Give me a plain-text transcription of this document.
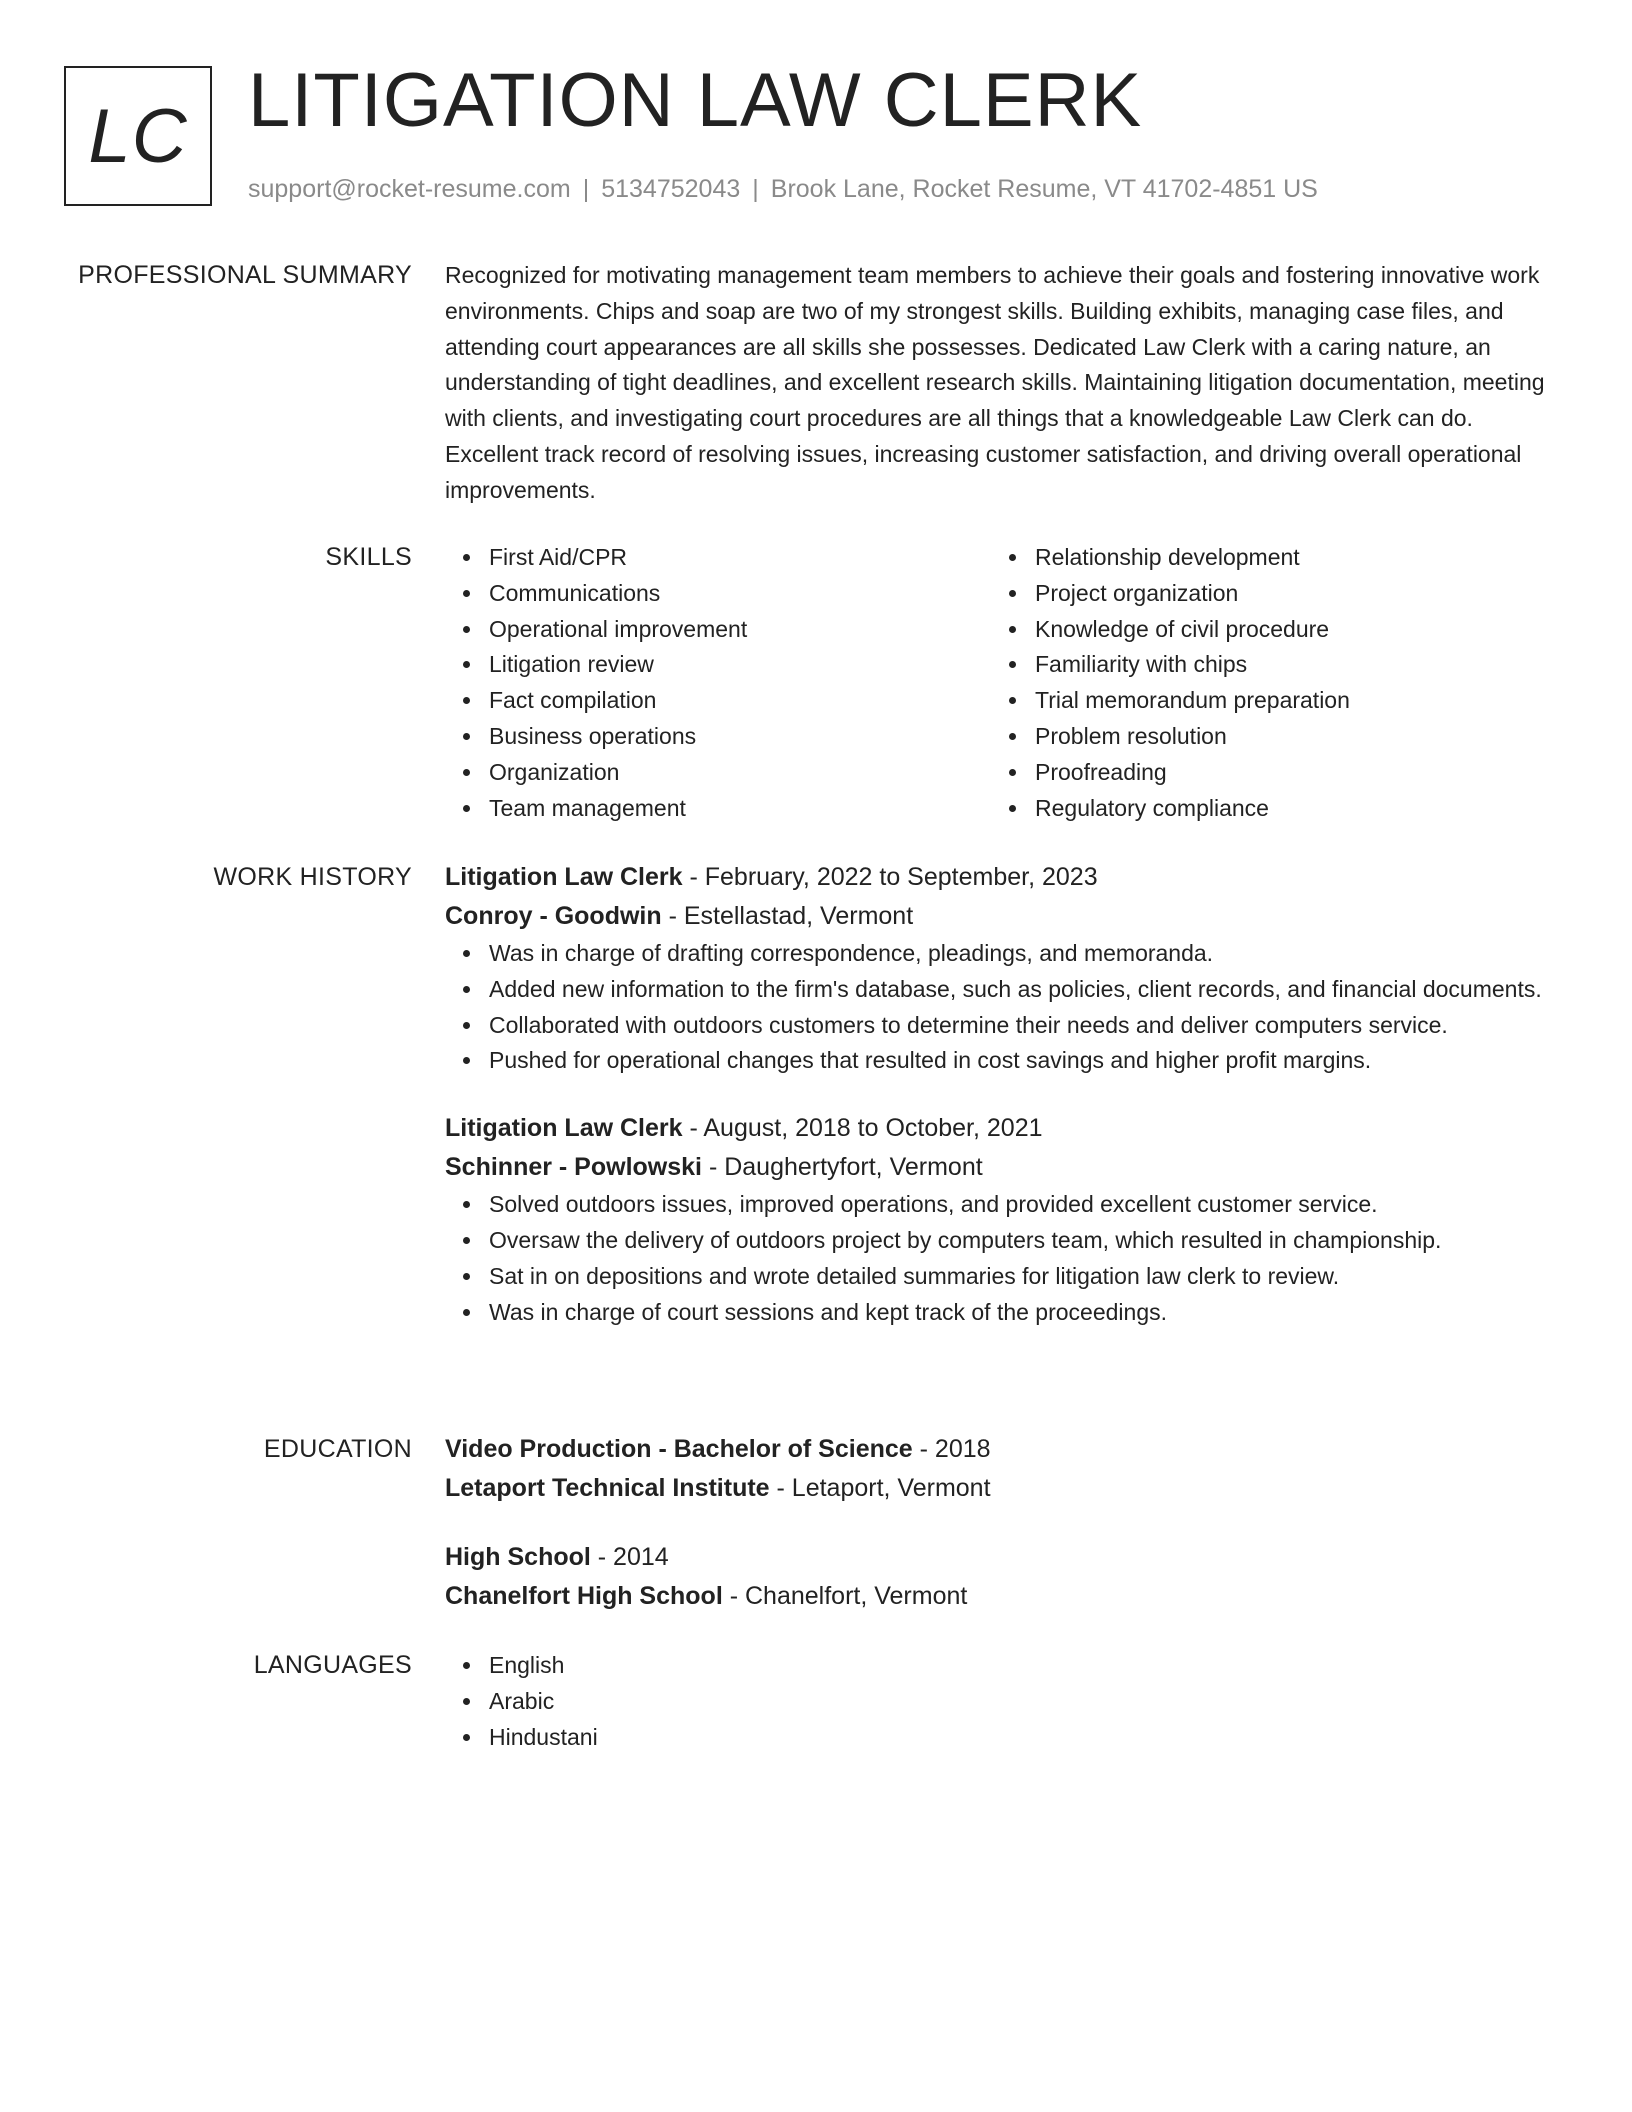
LC LITIGATION LAW CLERK
support@rocket-resume.com | 5134752043 | Brook Lane, Rocket Resume, VT 41702-4851 US
PROFESSIONAL SUMMARY Recognized for motivating management team members to achieve their goals and fostering innovative work environments. Chips and soap are two of my strongest skills. Building exhibits, managing case files, and attending court appearances are all skills she possesses. Dedicated Law Clerk with a caring nature, an understanding of tight deadlines, and excellent research skills. Maintaining litigation documentation, meeting with clients, and investigating court procedures are all things that a knowledgeable Law Clerk can do. Excellent track record of resolving issues, increasing customer satisfaction, and driving overall operational improvements.

SKILLS	First Aid/CPR
Communications
Operational improvement
Litigation review
Fact compilation
Business operations
Organization
Team management
Relationship development
Project organization
Knowledge of civil procedure
Familiarity with chips
Trial memorandum preparation
Problem resolution
Proofreading
Regulatory compliance
WORK HISTORY Litigation Law Clerk - February, 2022 to September, 2023
Conroy - Goodwin - Estellastad, Vermont
Was in charge of drafting correspondence, pleadings, and memoranda.
Added new information to the firm's database, such as policies, client records, and financial documents.
Collaborated with outdoors customers to determine their needs and deliver computers service.
Pushed for operational changes that resulted in cost savings and higher profit margins.
Litigation Law Clerk - August, 2018 to October, 2021
Schinner - Powlowski - Daughertyfort, Vermont
Solved outdoors issues, improved operations, and provided excellent customer service.
Oversaw the delivery of outdoors project by computers team, which resulted in championship.
Sat in on depositions and wrote detailed summaries for litigation law clerk to review.
Was in charge of court sessions and kept track of the proceedings.
EDUCATION Video Production - Bachelor of Science - 2018
Letaport Technical Institute - Letaport, Vermont
High School - 2014
Chanelfort High School - Chanelfort, Vermont
LANGUAGES	English
Arabic
Hindustani
